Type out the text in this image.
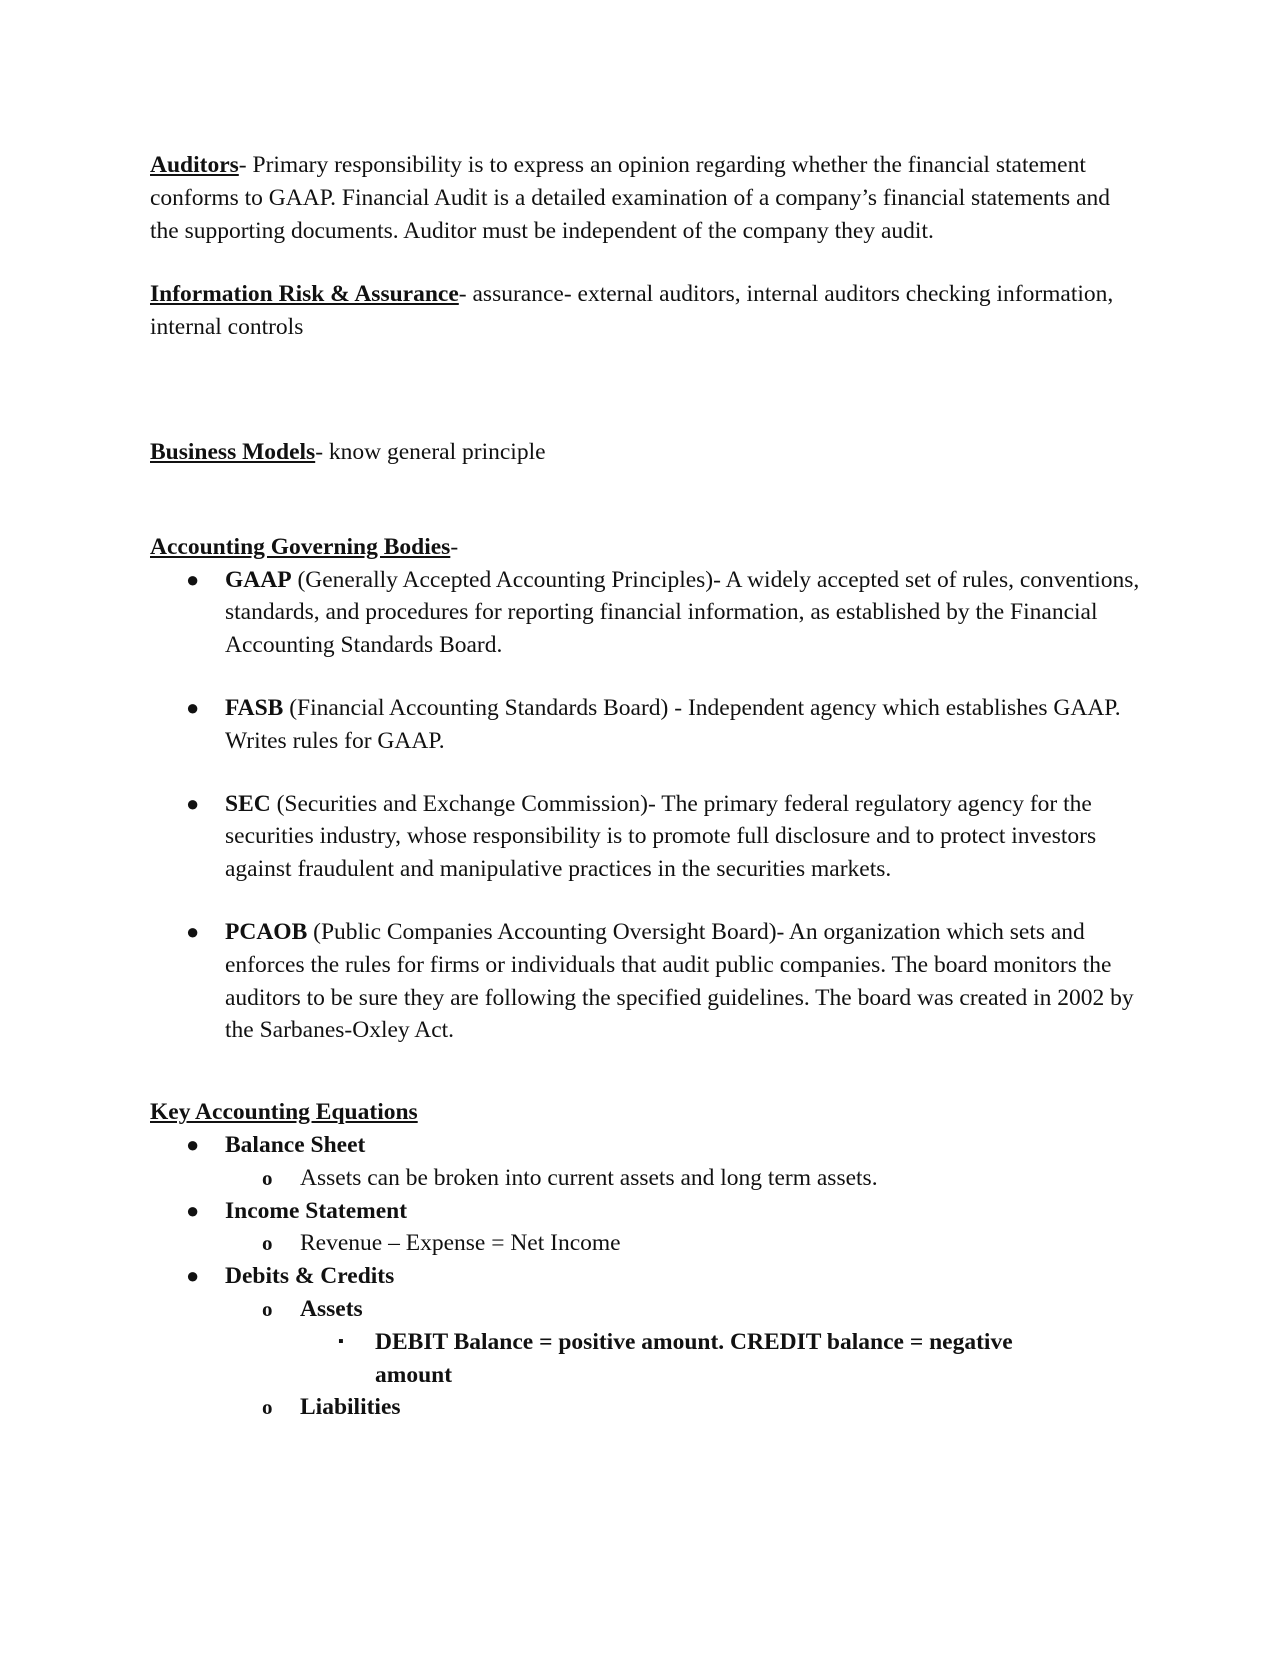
Auditors- Primary responsibility is to express an opinion regarding whether the financial statement conforms to GAAP. Financial Audit is a detailed examination of a company’s financial statements and the supporting documents. Auditor must be independent of the company they audit.

Information Risk & Assurance- assurance- external auditors, internal auditors checking information, internal controls

Business Models- know general principle

Accounting Governing Bodies-

● GAAP (Generally Accepted Accounting Principles)- A widely accepted set of rules, conventions, standards, and procedures for reporting financial information, as established by the Financial Accounting Standards Board.
● FASB (Financial Accounting Standards Board) - Independent agency which establishes GAAP. Writes rules for GAAP.
● SEC (Securities and Exchange Commission)- The primary federal regulatory agency for the securities industry, whose responsibility is to promote full disclosure and to protect investors against fraudulent and manipulative practices in the securities markets.
● PCAOB (Public Companies Accounting Oversight Board)- An organization which sets and enforces the rules for firms or individuals that audit public companies. The board monitors the auditors to be sure they are following the specified guidelines. The board was created in 2002 by the Sarbanes-Oxley Act.

Key Accounting Equations

● Balance Sheet
o Assets can be broken into current assets and long term assets.
● Income Statement
o Revenue – Expense = Net Income
● Debits & Credits
o Assets
▪ DEBIT Balance = positive amount. CREDIT balance = negative amount
o Liabilities
